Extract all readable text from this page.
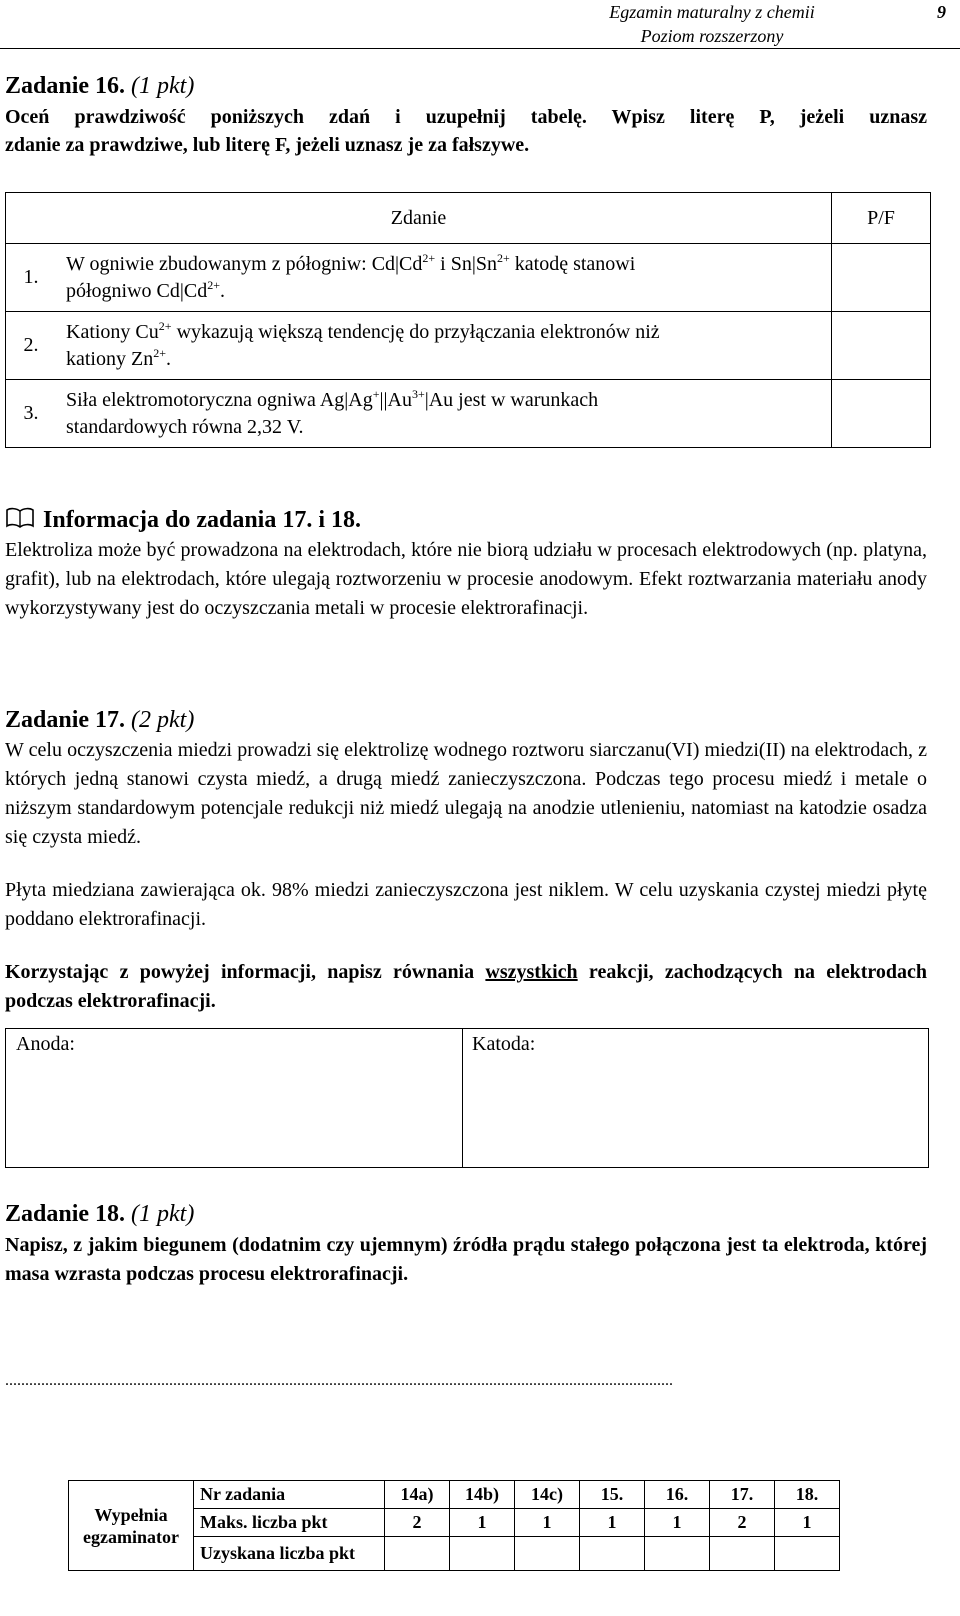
Egzamin maturalny z chemii
Poziom rozszerzony
9
Zadanie 16. (1 pkt)
Oceń prawdziwość poniższych zdań i uzupełnij tabelę. Wpisz literę P, jeżeli uznasz
zdanie za prawdziwe, lub literę F, jeżeli uznasz je za fałszywe.
Zdanie		P/F
1.	W ogniwie zbudowanym z półogniw: $Cd|Cd^{2+}$ i $Sn|Sn^{2+}$ katodę stanowi
półogniwo $Cd|Cd^{2+}$.	

2.	Kationy $Cu^{2+}$ wykazują większą tendencję do przyłączania elektronów niż
kationy $Zn^{2+}$.	

3.	Siła elektromotoryczna ogniwa $Ag|Ag^+||Au^{3+}|Au$ jest w warunkach
standardowych równa 2,32 V.	

Informacja do zadania 17. i 18.
Elektroliza może być prowadzona na elektrodach, które nie biorą udziału w procesach elektrodowych (np. platyna, grafit), lub na elektrodach, które ulegają roztworzeniu w procesie anodowym. Efekt roztwarzania materiału anody wykorzystywany jest do oczyszczania metali w procesie elektrorafinacji.
Zadanie 17. (2 pkt)
W celu oczyszczenia miedzi prowadzi się elektrolizę wodnego roztworu siarczanu(VI) miedzi(II) na elektrodach, z których jedną stanowi czysta miedź, a drugą miedź zanieczyszczona. Podczas tego procesu miedź i metale o niższym standardowym potencjale redukcji niż miedź ulegają na anodzie utlenieniu, natomiast na katodzie osadza się czysta miedź.
Płyta miedziana zawierająca ok. 98% miedzi zanieczyszczona jest niklem. W celu uzyskania czystej miedzi płytę poddano elektrorafinacji.
Korzystając z powyżej informacji, napisz równania wszystkich reakcji, zachodzących na elektrodach podczas elektrorafinacji.
Anoda:	Katoda:
Zadanie 18. (1 pkt)
Napisz, z jakim biegunem (dodatnim czy ujemnym) źródła prądu stałego połączona jest ta elektroda, której masa wzrasta podczas procesu elektrorafinacji.
.......................................................................................................................................................................
Wypełnia
egzaminator	Nr zadania	14a)	14b)	14c)	15.	16.	17.	18.
	Maks. liczba pkt	2	1	1	1	1	2	1
	Uzyskana liczba pkt							
